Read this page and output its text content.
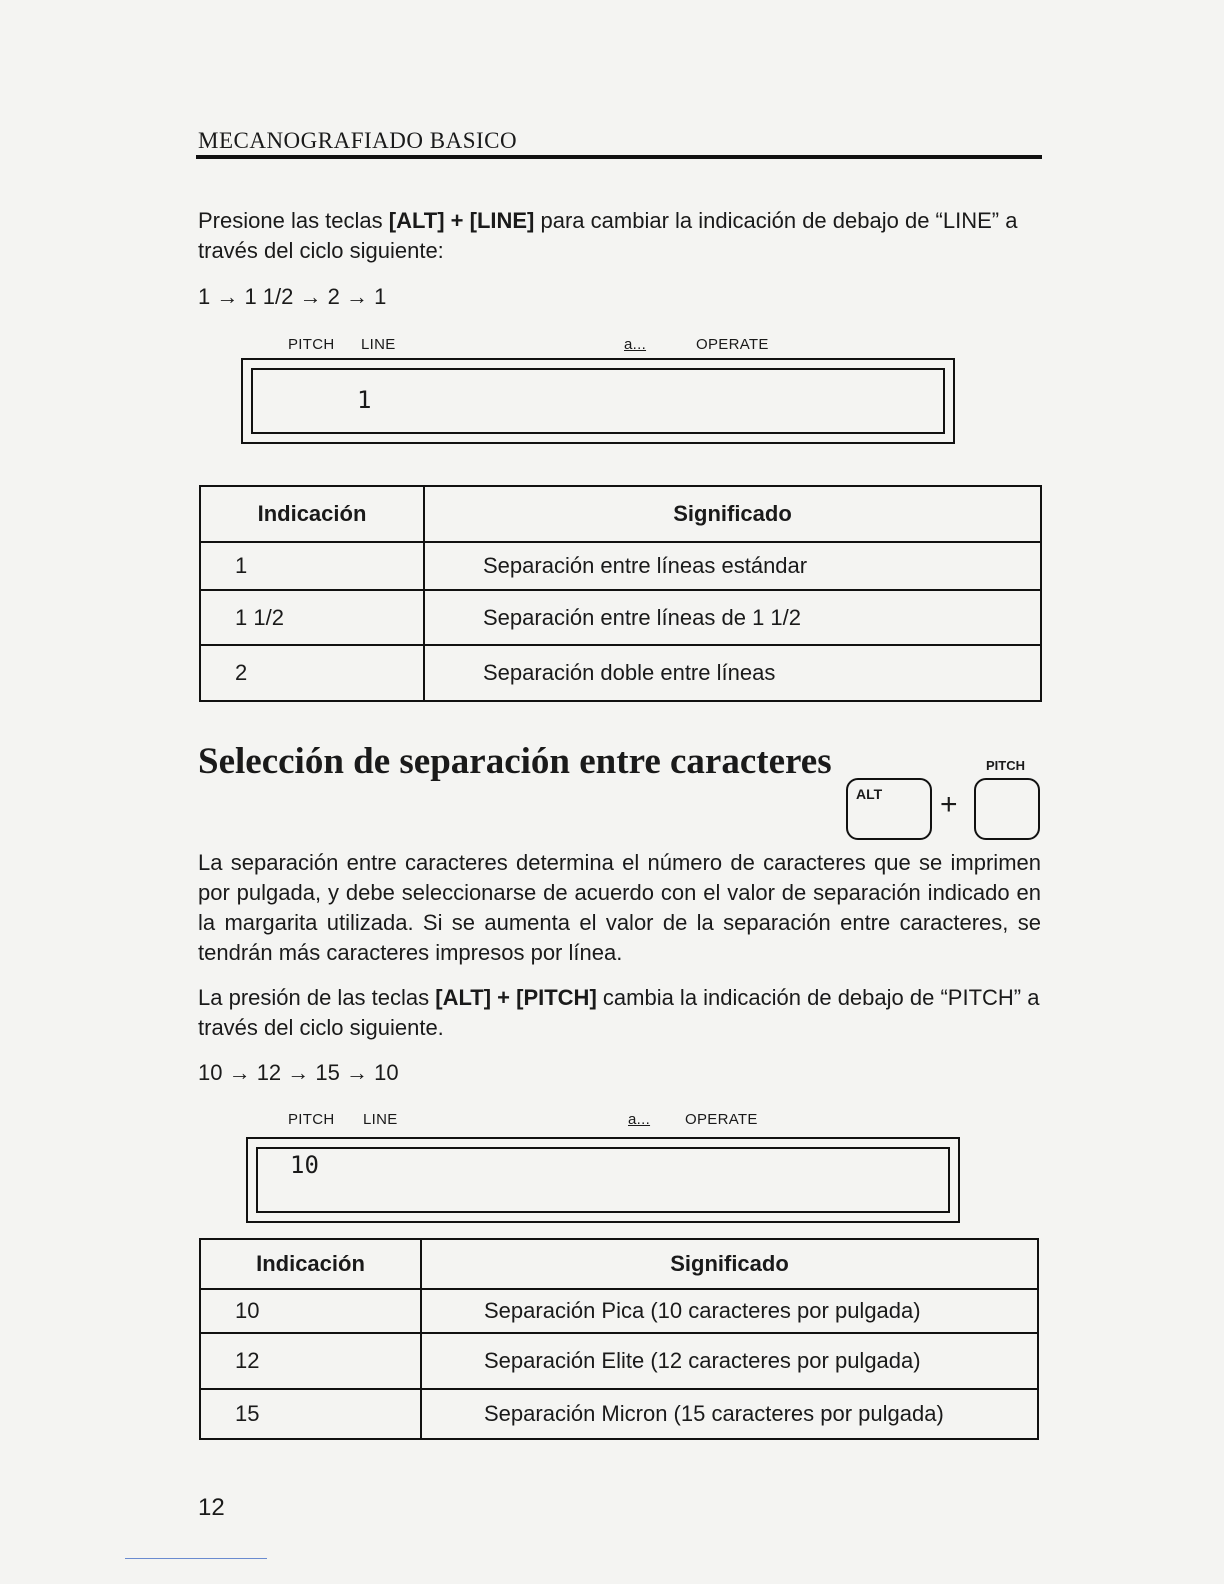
MECANOGRAFIADO BASICO
Presione las teclas [ALT] + [LINE] para cambiar la indicación de debajo de “LINE” a través del ciclo siguiente:
1 → 1 1/2 → 2 → 1
PITCH LINE	a...	OPERATE
1
Indicación	Significado
1	Separación entre líneas estándar
1 1/2	Separación entre líneas de 1 1/2
2	Separación doble entre líneas
Selección de separación entre caracteres
ALT +
PITCH
La separación entre caracteres determina el número de caracteres que se imprimen por pulgada, y debe seleccionarse de acuerdo con el valor de separación indicado en la margarita utilizada. Si se aumenta el valor de la separación entre caracteres, se tendrán más caracteres impresos por línea.
La presión de las teclas [ALT] + [PITCH] cambia la indicación de debajo de “PITCH” a través del ciclo siguiente.
10 → 12 → 15 → 10
PITCH LINE	a... OPERATE
10
Indicación	Significado
10	Separación Pica (10 caracteres por pulgada)
12	Separación Elite (12 caracteres por pulgada)
15	Separación Micron (15 caracteres por pulgada)
12
